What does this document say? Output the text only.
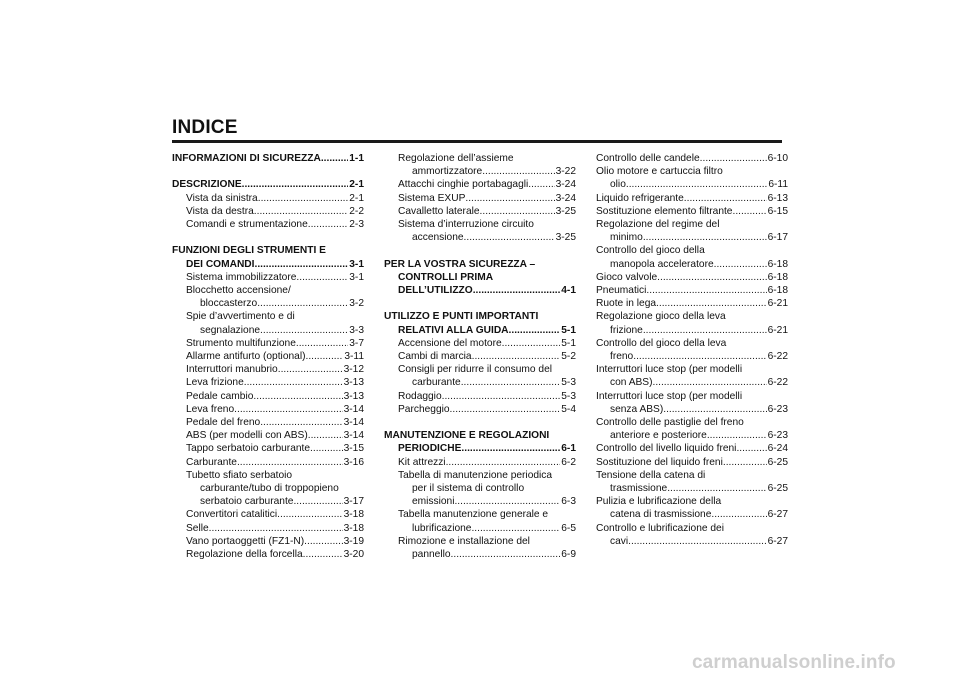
INDICE
INFORMAZIONI DI SICUREZZA .....	1-1
DESCRIZIONE .....	2-1
Vista da sinistra .....	2-1
Vista da destra .....	2-2
Comandi e strumentazione .....	2-3
FUNZIONI DEGLI STRUMENTI E
DEI COMANDI .....	3-1
Sistema immobilizzatore .....	3-1
Blocchetto accensione/
bloccasterzo .....	3-2
Spie d’avvertimento e di
segnalazione .....	3-3
Strumento multifunzione .....	3-7
Allarme antifurto (optional) .....	3-11
Interruttori manubrio .....	3-12
Leva frizione .....	3-13
Pedale cambio .....	3-13
Leva freno .....	3-14
Pedale del freno .....	3-14
ABS (per modelli con ABS) .....	3-14
Tappo serbatoio carburante .....	3-15
Carburante .....	3-16
Tubetto sfiato serbatoio
carburante/tubo di troppopieno
serbatoio carburante .....	3-17
Convertitori catalitici .....	3-18
Selle .....	3-18
Vano portaoggetti (FZ1-N) .....	3-19
Regolazione della forcella .....	3-20
Regolazione dell’assieme
ammortizzatore .....	3-22
Attacchi cinghie portabagagli .....	3-24
Sistema EXUP .....	3-24
Cavalletto laterale .....	3-25
Sistema d’interruzione circuito
accensione .....	3-25
PER LA VOSTRA SICUREZZA –
CONTROLLI PRIMA
DELL’UTILIZZO .....	4-1
UTILIZZO E PUNTI IMPORTANTI
RELATIVI ALLA GUIDA .....	5-1
Accensione del motore .....	5-1
Cambi di marcia .....	5-2
Consigli per ridurre il consumo del
carburante .....	5-3
Rodaggio .....	5-3
Parcheggio .....	5-4
MANUTENZIONE E REGOLAZIONI
PERIODICHE .....	6-1
Kit attrezzi .....	6-2
Tabella di manutenzione periodica
per il sistema di controllo
emissioni .....	6-3
Tabella manutenzione generale e
lubrificazione .....	6-5
Rimozione e installazione del
pannello .....	6-9
Controllo delle candele .....	6-10
Olio motore e cartuccia filtro
olio .....	6-11
Liquido refrigerante .....	6-13
Sostituzione elemento filtrante .....	6-15
Regolazione del regime del
minimo .....	6-17
Controllo del gioco della
manopola acceleratore .....	6-18
Gioco valvole .....	6-18
Pneumatici .....	6-18
Ruote in lega .....	6-21
Regolazione gioco della leva
frizione .....	6-21
Controllo del gioco della leva
freno .....	6-22
Interruttori luce stop (per modelli
con ABS) .....	6-22
Interruttori luce stop (per modelli
senza ABS) .....	6-23
Controllo delle pastiglie del freno
anteriore e posteriore .....	6-23
Controllo del livello liquido freni .....	6-24
Sostituzione del liquido freni .....	6-25
Tensione della catena di
trasmissione .....	6-25
Pulizia e lubrificazione della
catena di trasmissione .....	6-27
Controllo e lubrificazione dei
cavi .....	6-27
carmanualsonline.info
